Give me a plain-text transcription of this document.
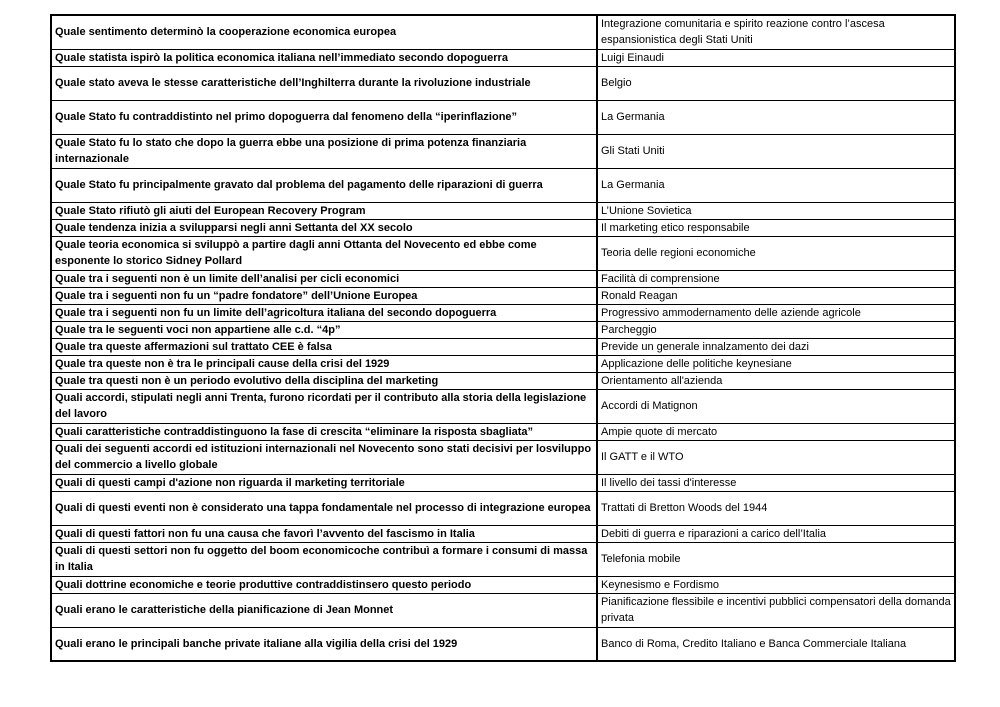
Quale sentimento determinò la cooperazione economica europea	Integrazione comunitaria e spirito reazione contro l’ascesa espansionistica degli Stati Uniti
Quale statista ispirò la politica economica italiana nell’immediato secondo dopoguerra	Luigi Einaudi
Quale stato aveva le stesse caratteristiche dell’Inghilterra durante la rivoluzione industriale	Belgio
Quale Stato fu contraddistinto nel primo dopoguerra dal fenomeno della “iperinflazione”	La Germania
Quale Stato fu lo stato che dopo la guerra ebbe una posizione di prima potenza finanziaria internazionale	Gli Stati Uniti
Quale Stato fu principalmente gravato dal problema del pagamento delle riparazioni di guerra	La Germania
Quale Stato rifiutò gli aiuti del European Recovery Program	L’Unione Sovietica
Quale tendenza inizia a svilupparsi negli anni Settanta del XX secolo	Il marketing etico responsabile
Quale teoria economica si sviluppò a partire dagli anni Ottanta del Novecento ed ebbe come esponente lo storico Sidney Pollard	Teoria delle regioni economiche
Quale tra i seguenti non è un limite dell’analisi per cicli economici	Facilità di comprensione
Quale tra i seguenti non fu un “padre fondatore” dell’Unione Europea	Ronald Reagan
Quale tra i seguenti non fu un limite dell’agricoltura italiana del secondo dopoguerra	Progressivo ammodernamento delle aziende agricole
Quale tra le seguenti voci non appartiene alle c.d. “4p”	Parcheggio
Quale tra queste affermazioni sul trattato CEE è falsa	Previde un generale innalzamento dei dazi
Quale tra queste non è tra le principali cause della crisi del 1929	Applicazione delle politiche keynesiane
Quale tra questi non è un periodo evolutivo della disciplina del marketing	Orientamento all'azienda
Quali accordi, stipulati negli anni Trenta, furono ricordati per il contributo alla storia della legislazione del lavoro	Accordi di Matignon
Quali caratteristiche contraddistinguono la fase di crescita “eliminare la risposta sbagliata”	Ampie quote di mercato
Quali dei seguenti accordi ed istituzioni internazionali nel Novecento sono stati decisivi per losviluppo del commercio a livello globale	Il GATT e il WTO
Quali di questi campi d'azione non riguarda il marketing territoriale	Il livello dei tassi d'interesse
Quali di questi eventi non è considerato una tappa fondamentale nel processo di integrazione europea	Trattati di Bretton Woods del 1944
Quali di questi fattori non fu una causa che favorì l’avvento del fascismo in Italia	Debiti di guerra e riparazioni a carico dell’Italia
Quali di questi settori non fu oggetto del boom economicoche contribuì a formare i consumi di massa in Italia	Telefonia mobile
Quali dottrine economiche e teorie produttive contraddistinsero questo periodo	Keynesismo e Fordismo
Quali erano le caratteristiche della pianificazione di Jean Monnet	Pianificazione flessibile e incentivi pubblici compensatori della domanda privata
Quali erano le principali banche private italiane alla vigilia della crisi del 1929	Banco di Roma, Credito Italiano e Banca Commerciale Italiana
